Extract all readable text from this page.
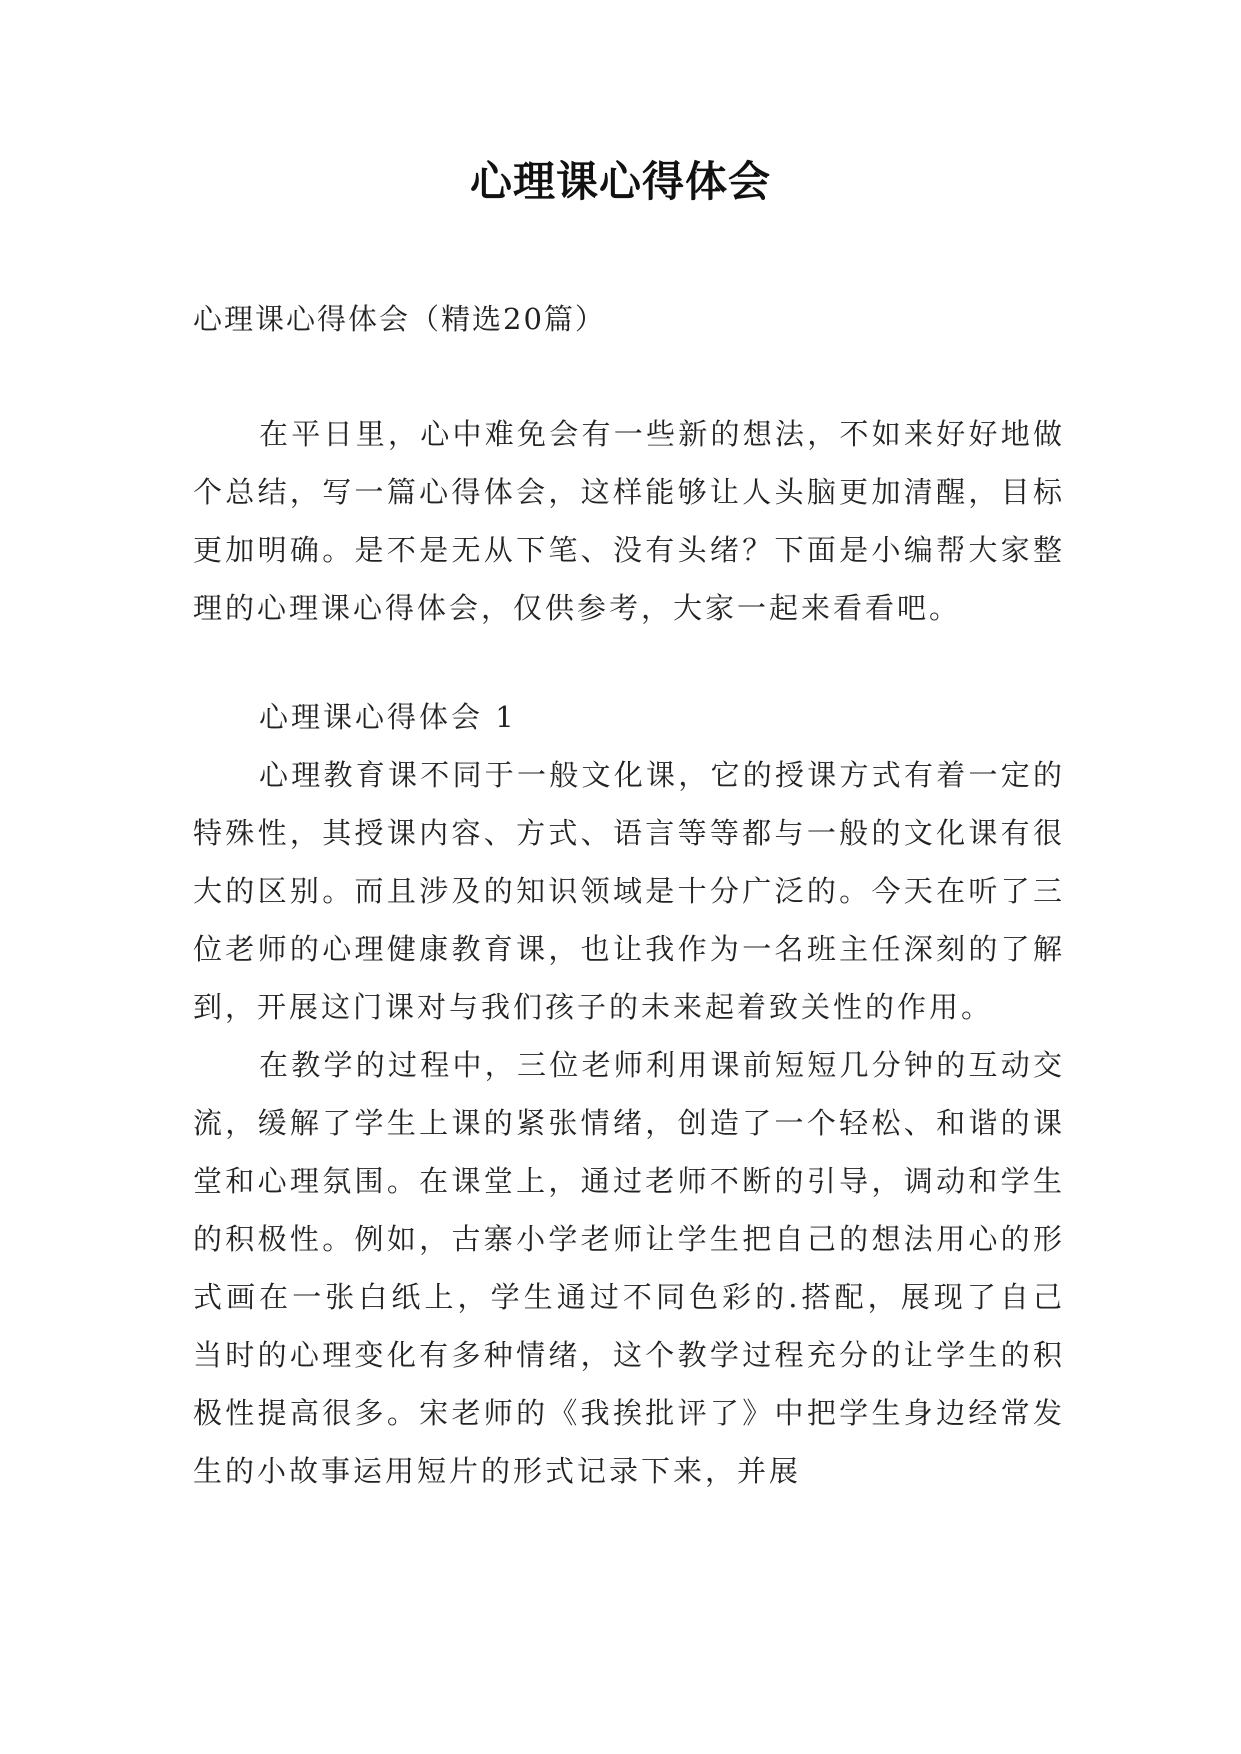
心理课心得体会
心理课心得体会（精选20篇）
在平日里，心中难免会有一些新的想法，不如来好好地做个总结，写一篇心得体会，这样能够让人头脑更加清醒，目标更加明确。是不是无从下笔、没有头绪？下面是小编帮大家整理的心理课心得体会，仅供参考，大家一起来看看吧。

心理课心得体会 1

心理教育课不同于一般文化课，它的授课方式有着一定的特殊性，其授课内容、方式、语言等等都与一般的文化课有很大的区别。而且涉及的知识领域是十分广泛的。今天在听了三位老师的心理健康教育课，也让我作为一名班主任深刻的了解到，开展这门课对与我们孩子的未来起着致关性的作用。

在教学的过程中，三位老师利用课前短短几分钟的互动交流，缓解了学生上课的紧张情绪，创造了一个轻松、和谐的课堂和心理氛围。在课堂上，通过老师不断的引导，调动和学生的积极性。例如，古寨小学老师让学生把自己的想法用心的形式画在一张白纸上，学生通过不同色彩的.搭配，展现了自己当时的心理变化有多种情绪，这个教学过程充分的让学生的积极性提高很多。宋老师的《我挨批评了》中把学生身边经常发生的小故事运用短片的形式记录下来，并展
